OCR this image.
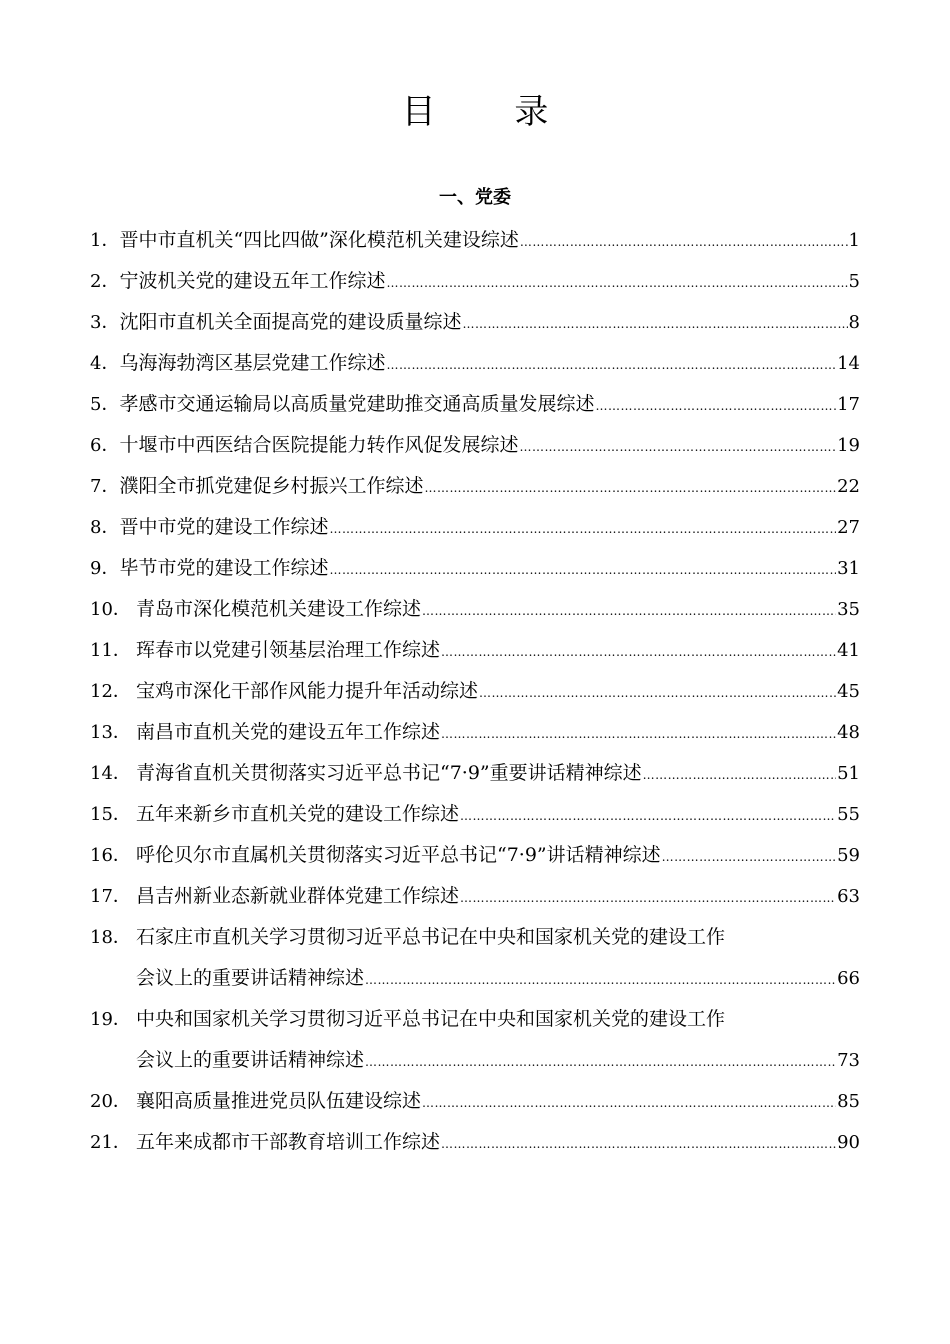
目 录
一、党委
1． 晋中市直机关“四比四做”深化模范机关建设综述 ……………………………………………………………………………………………………………………………………………………………………………………………………………………	1
2． 宁波机关党的建设五年工作综述 ……………………………………………………………………………………………………………………………………………………………………………………………………………………	5
3． 沈阳市直机关全面提高党的建设质量综述 ……………………………………………………………………………………………………………………………………………………………………………………………………………………	8
4． 乌海海勃湾区基层党建工作综述 ……………………………………………………………………………………………………………………………………………………………………………………………………………………	14
5． 孝感市交通运输局以高质量党建助推交通高质量发展综述 ……………………………………………………………………………………………………………………………………………………………………………………………………………………	17
6． 十堰市中西医结合医院提能力转作风促发展综述 ……………………………………………………………………………………………………………………………………………………………………………………………………………………	19
7． 濮阳全市抓党建促乡村振兴工作综述 ……………………………………………………………………………………………………………………………………………………………………………………………………………………	22
8． 晋中市党的建设工作综述 ……………………………………………………………………………………………………………………………………………………………………………………………………………………	27
9． 毕节市党的建设工作综述 ……………………………………………………………………………………………………………………………………………………………………………………………………………………	31
10． 青岛市深化模范机关建设工作综述 ……………………………………………………………………………………………………………………………………………………………………………………………………………………	35
11． 珲春市以党建引领基层治理工作综述 ……………………………………………………………………………………………………………………………………………………………………………………………………………………	41
12． 宝鸡市深化干部作风能力提升年活动综述 ……………………………………………………………………………………………………………………………………………………………………………………………………………………	45
13． 南昌市直机关党的建设五年工作综述 ……………………………………………………………………………………………………………………………………………………………………………………………………………………	48
14． 青海省直机关贯彻落实习近平总书记“7·9”重要讲话精神综述 ……………………………………………………………………………………………………………………………………………………………………………………………………………………	51
15． 五年来新乡市直机关党的建设工作综述 ……………………………………………………………………………………………………………………………………………………………………………………………………………………	55
16． 呼伦贝尔市直属机关贯彻落实习近平总书记“7·9”讲话精神综述 ……………………………………………………………………………………………………………………………………………………………………………………………………………………	59
17． 昌吉州新业态新就业群体党建工作综述 ……………………………………………………………………………………………………………………………………………………………………………………………………………………	63
18． 石家庄市直机关学习贯彻习近平总书记在中央和国家机关党的建设工作
会议上的重要讲话精神综述 ……………………………………………………………………………………………………………………………………………………………………………………………………………………	66
19． 中央和国家机关学习贯彻习近平总书记在中央和国家机关党的建设工作
会议上的重要讲话精神综述 ……………………………………………………………………………………………………………………………………………………………………………………………………………………	73
20． 襄阳高质量推进党员队伍建设综述 ……………………………………………………………………………………………………………………………………………………………………………………………………………………	85
21． 五年来成都市干部教育培训工作综述 ……………………………………………………………………………………………………………………………………………………………………………………………………………………	90
